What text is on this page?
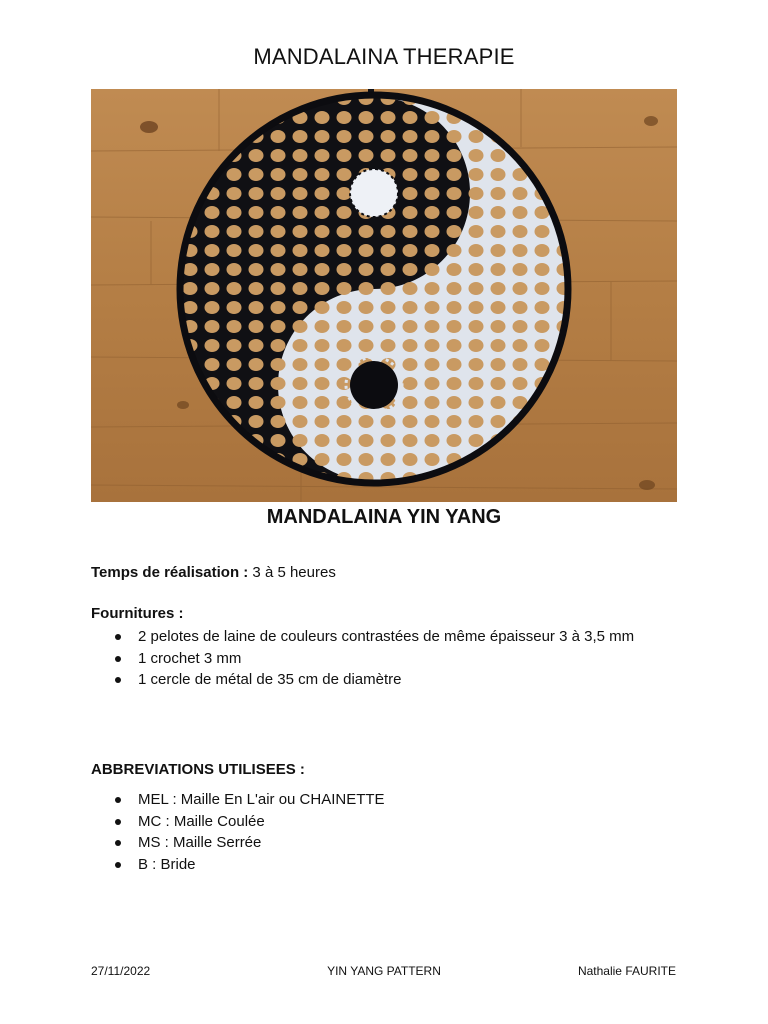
MANDALAINA THERAPIE
MANDALAINA YIN YANG
Temps de réalisation : 3 à 5 heures
Fournitures :
2 pelotes de laine de couleurs contrastées de même épaisseur 3 à 3,5 mm
1 crochet 3 mm
1 cercle de métal de 35 cm de diamètre
ABBREVIATIONS UTILISEES :
MEL : Maille En L'air ou CHAINETTE
MC : Maille Coulée
MS : Maille Serrée
B : Bride
27/11/2022	YIN YANG PATTERN	Nathalie FAURITE
